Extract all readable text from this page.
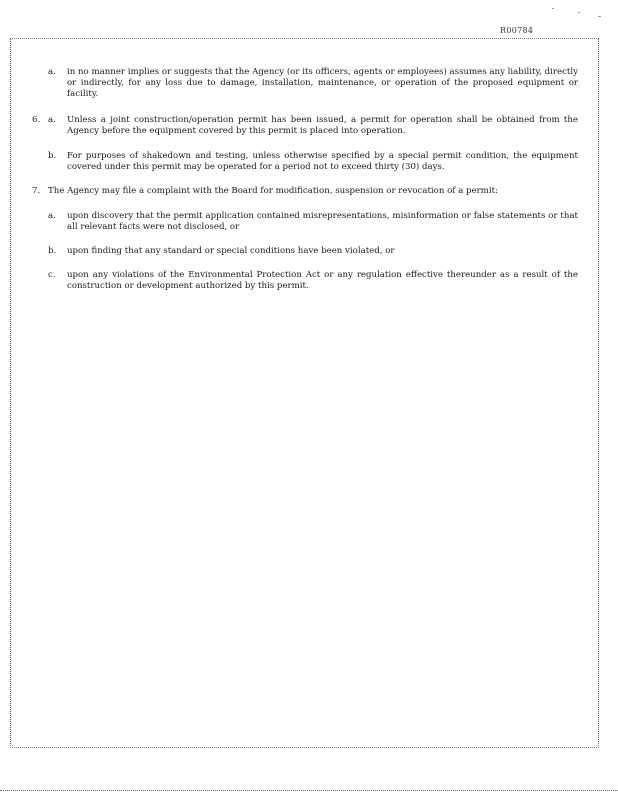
R00784
a. in no manner implies or suggests that the Agency (or its officers, agents or employees) assumes any liability, directly or indirectly, for any loss due to damage, installation, maintenance, or operation of the proposed equipment or facility.
6. a. Unless a joint construction/operation permit has been issued, a permit for operation shall be obtained from the Agency before the equipment covered by this permit is placed into operation.
b. For purposes of shakedown and testing, unless otherwise specified by a special permit condition, the equipment covered under this permit may be operated for a period not to exceed thirty (30) days.
7. The Agency may file a complaint with the Board for modification, suspension or revocation of a permit:
a. upon discovery that the permit application contained misrepresentations, misinformation or false statements or that all relevant facts were not disclosed, or
b. upon finding that any standard or special conditions have been violated, or
c. upon any violations of the Environmental Protection Act or any regulation effective thereunder as a result of the construction or development authorized by this permit.
